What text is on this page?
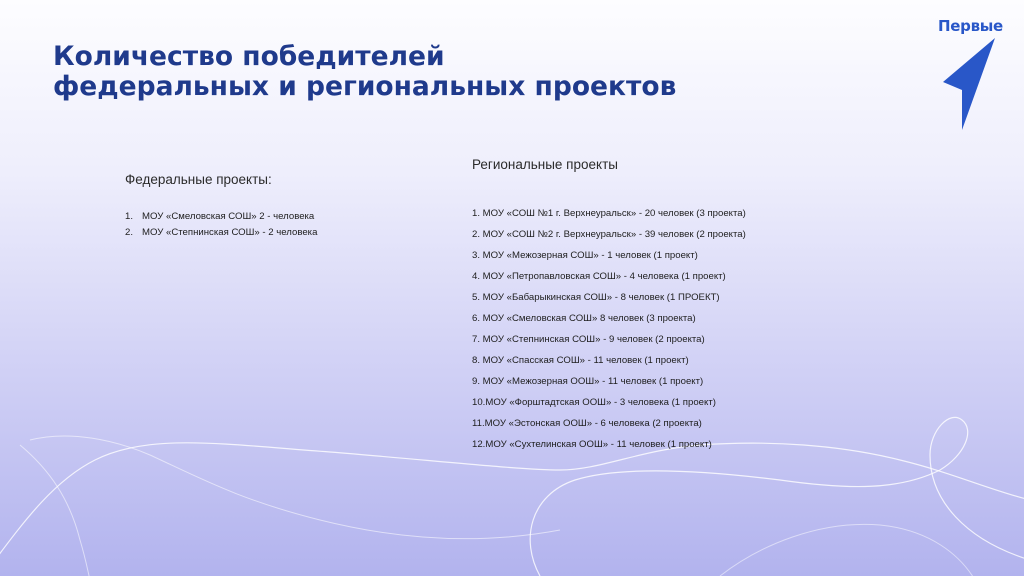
Количество победителей
федеральных и региональных проектов
Первые
Федеральные проекты:
1. МОУ «Смеловская СОШ» 2 - человека
2. МОУ «Степнинская СОШ» - 2 человека
Региональные проекты
1. МОУ «СОШ №1 г. Верхнеуральск» - 20 человек (3 проекта)
2. МОУ «СОШ №2 г. Верхнеуральск» - 39 человек (2 проекта)
3. МОУ «Межозерная СОШ» - 1 человек (1 проект)
4. МОУ «Петропавловская СОШ» - 4 человека (1 проект)
5. МОУ «Бабарыкинская СОШ» - 8 человек (1 ПРОЕКТ)
6. МОУ «Смеловская СОШ» 8 человек (3 проекта)
7. МОУ «Степнинская СОШ» - 9 человек (2 проекта)
8. МОУ «Спасская СОШ» - 11 человек (1 проект)
9. МОУ «Межозерная ООШ» - 11 человек (1 проект)
10.МОУ «Форштадтская ООШ» - 3 человека (1 проект)
11.МОУ «Эстонская ООШ» - 6 человека (2 проекта)
12.МОУ «Сухтелинская ООШ» - 11 человек (1 проект)
